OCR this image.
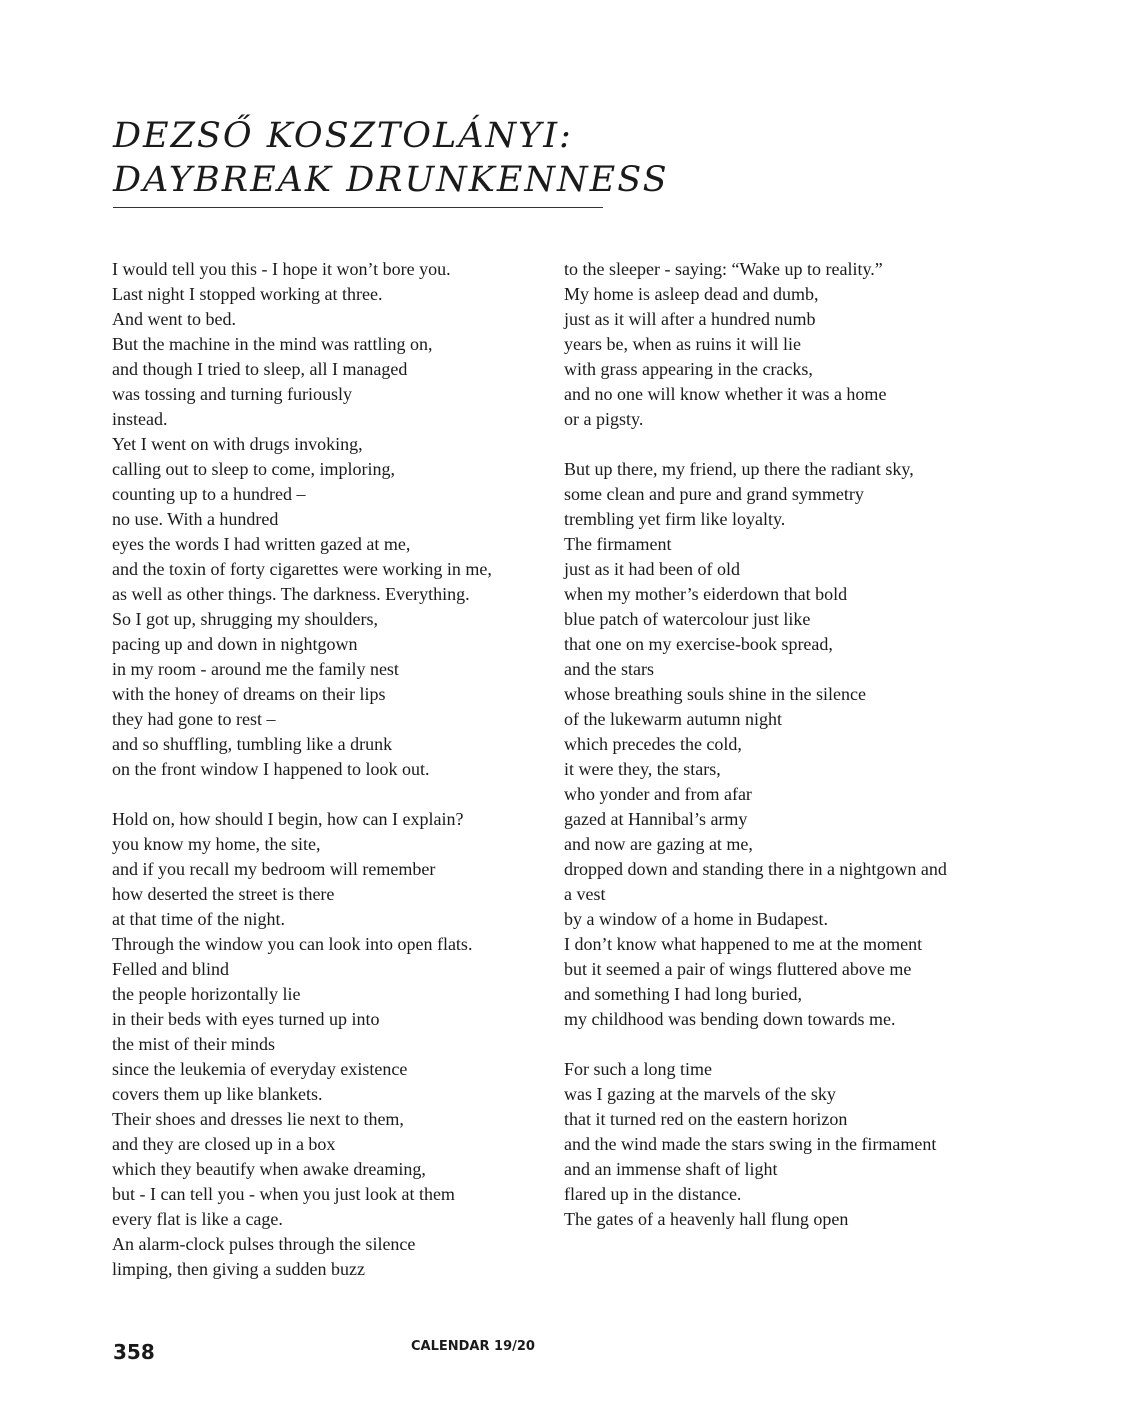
DEZSŐ KOSZTOLÁNYI:
DAYBREAK DRUNKENNESS
I would tell you this - I hope it won’t bore you.
Last night I stopped working at three.
And went to bed.
But the machine in the mind was rattling on,
and though I tried to sleep, all I managed
was tossing and turning furiously
instead.
Yet I went on with drugs invoking,
calling out to sleep to come, imploring,
counting up to a hundred –
no use. With a hundred
eyes the words I had written gazed at me,
and the toxin of forty cigarettes were working in me,
as well as other things. The darkness. Everything.
So I got up, shrugging my shoulders,
pacing up and down in nightgown
in my room - around me the family nest
with the honey of dreams on their lips
they had gone to rest –
and so shuffling, tumbling like a drunk
on the front window I happened to look out.
Hold on, how should I begin, how can I explain?
you know my home, the site,
and if you recall my bedroom will remember
how deserted the street is there
at that time of the night.
Through the window you can look into open flats.
Felled and blind
the people horizontally lie
in their beds with eyes turned up into
the mist of their minds
since the leukemia of everyday existence
covers them up like blankets.
Their shoes and dresses lie next to them,
and they are closed up in a box
which they beautify when awake dreaming,
but - I can tell you - when you just look at them
every flat is like a cage.
An alarm-clock pulses through the silence
limping, then giving a sudden buzz
to the sleeper - saying: “Wake up to reality.”
My home is asleep dead and dumb,
just as it will after a hundred numb
years be, when as ruins it will lie
with grass appearing in the cracks,
and no one will know whether it was a home
or a pigsty.
But up there, my friend, up there the radiant sky,
some clean and pure and grand symmetry
trembling yet firm like loyalty.
The firmament
just as it had been of old
when my mother’s eiderdown that bold
blue patch of watercolour just like
that one on my exercise-book spread,
and the stars
whose breathing souls shine in the silence
of the lukewarm autumn night
which precedes the cold,
it were they, the stars,
who yonder and from afar
gazed at Hannibal’s army
and now are gazing at me,
dropped down and standing there in a nightgown and
a vest
by a window of a home in Budapest.
I don’t know what happened to me at the moment
but it seemed a pair of wings fluttered above me
and something I had long buried,
my childhood was bending down towards me.
For such a long time
was I gazing at the marvels of the sky
that it turned red on the eastern horizon
and the wind made the stars swing in the firmament
and an immense shaft of light
flared up in the distance.
The gates of a heavenly hall flung open
358	CALENDAR 19/20
